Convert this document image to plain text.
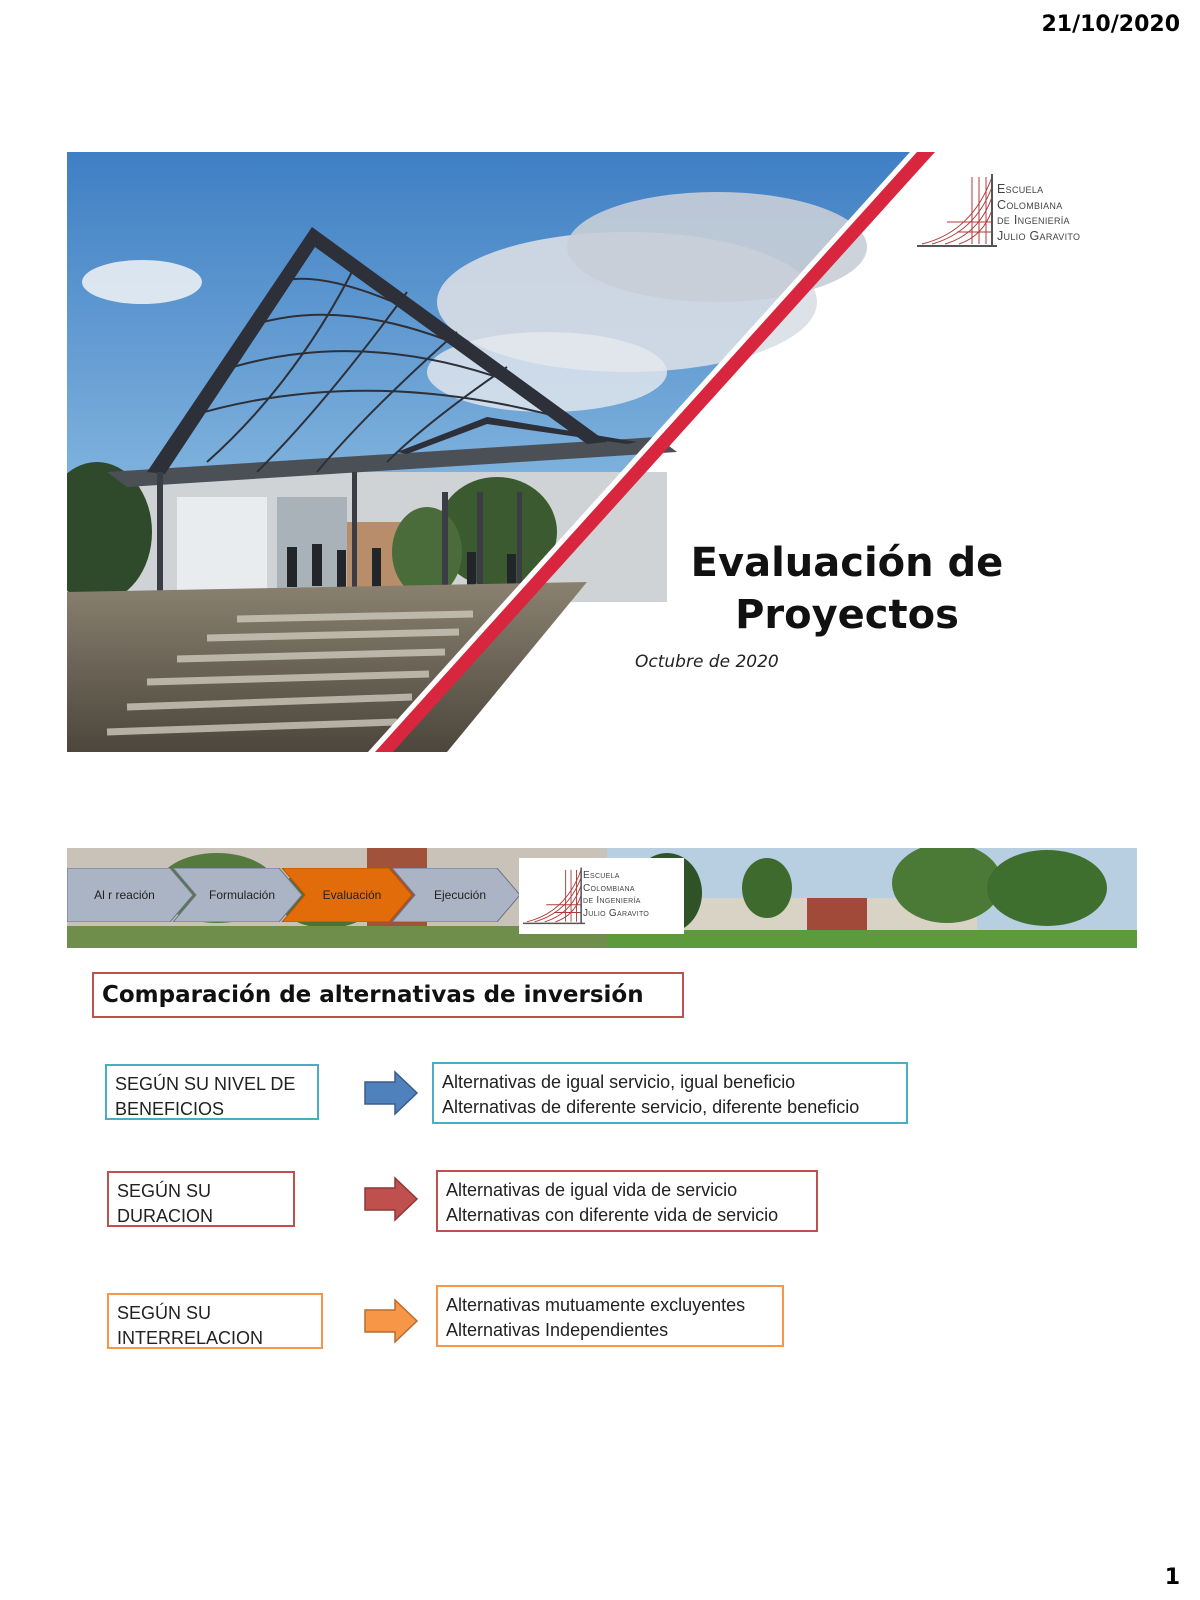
21/10/2020
Escuela
Colombiana
de Ingeniería
Julio Garavito
Evaluación de
Proyectos
Octubre de 2020
Al r reación	Formulación	Evaluación	Ejecución
Escuela
Colombiana
de Ingeniería
Julio Garavito
Comparación de alternativas de inversión
SEGÚN SU NIVEL DE
BENEFICIOS
Alternativas de igual servicio, igual beneficio
Alternativas de diferente servicio, diferente beneficio
SEGÚN SU
DURACION
Alternativas de igual vida de servicio
Alternativas con diferente vida de servicio
SEGÚN SU
INTERRELACION
Alternativas mutuamente excluyentes
Alternativas Independientes
1
